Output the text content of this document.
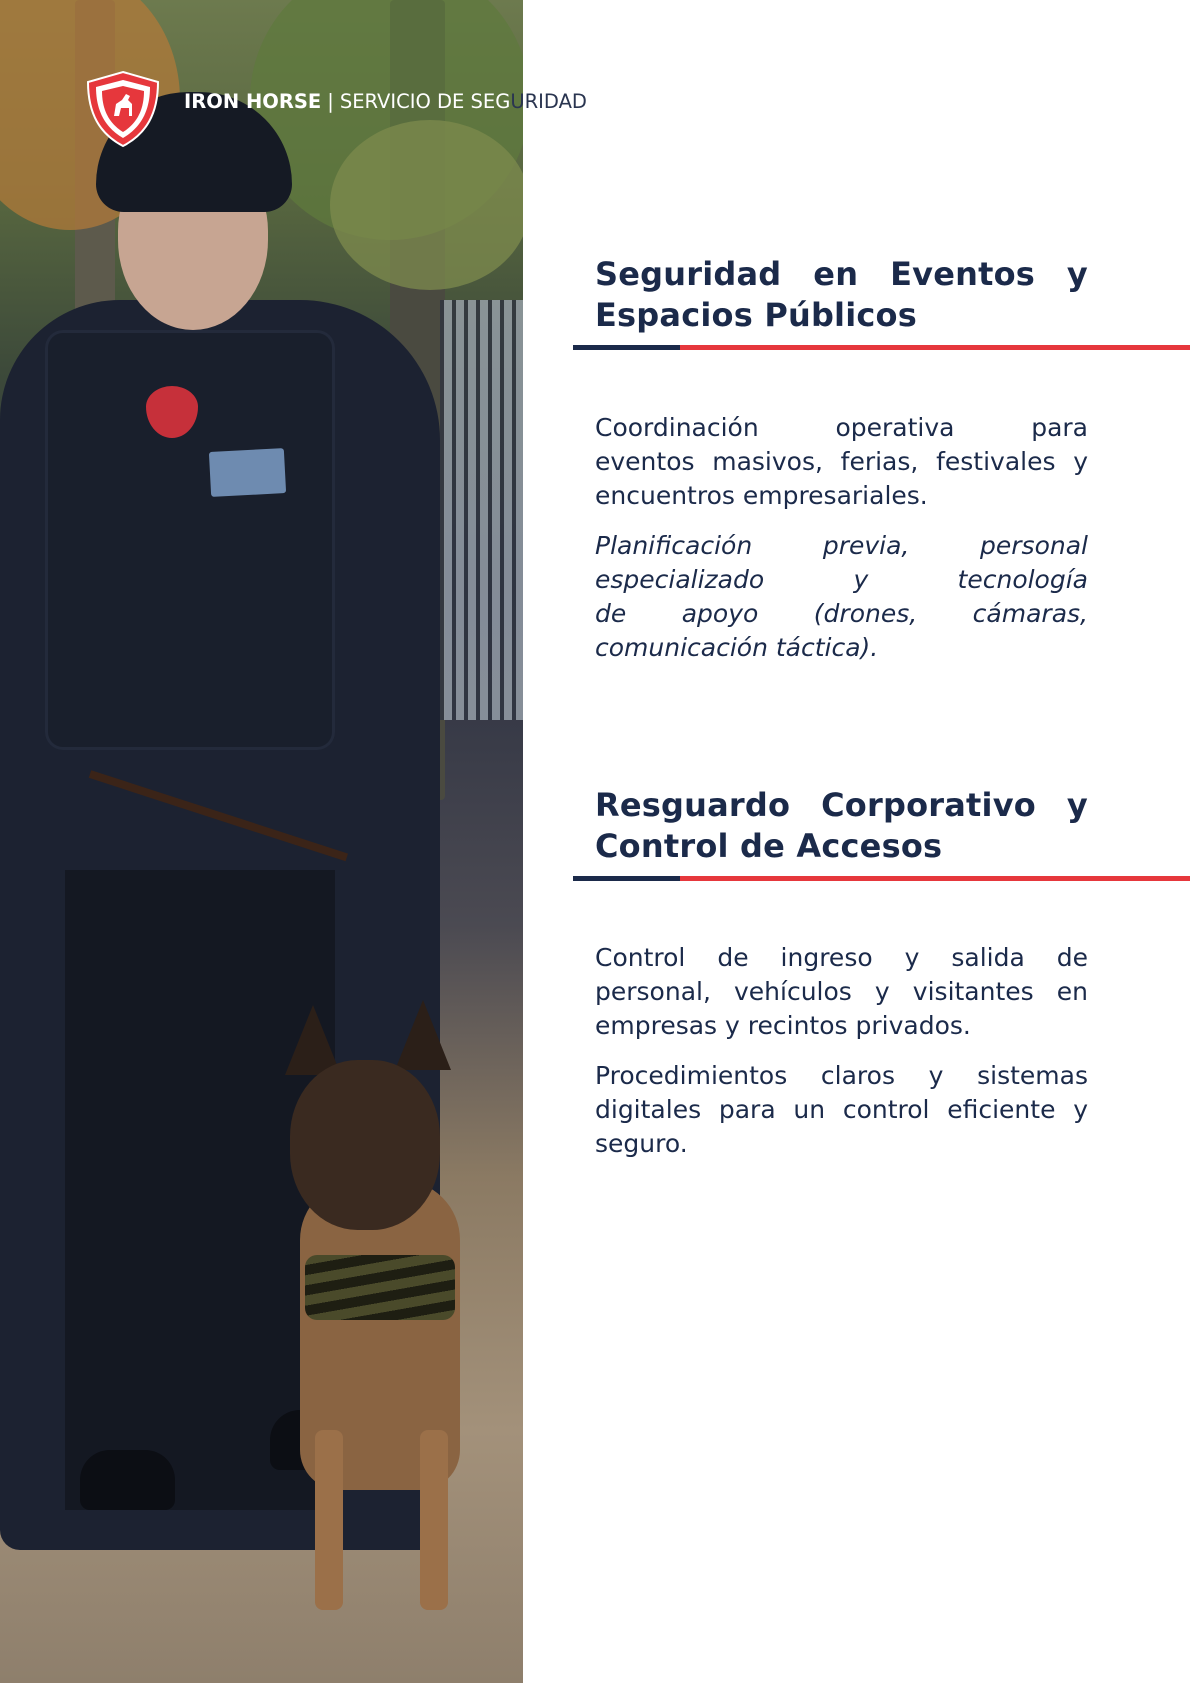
IRON HORSE | SERVICIO DE SEGURIDAD
Seguridad en Eventos y
Espacios Públicos

Coordinación operativa para
eventos masivos, ferias, festivales y encuentros empresariales.

Planificación previa, personal
especializado y tecnología
de apoyo (drones, cámaras,
comunicación táctica).

Resguardo Corporativo y
Control de Accesos

Control de ingreso y salida de
personal, vehículos y visitantes en
empresas y recintos privados.

Procedimientos claros y sistemas
digitales para un control eficiente y
seguro.
